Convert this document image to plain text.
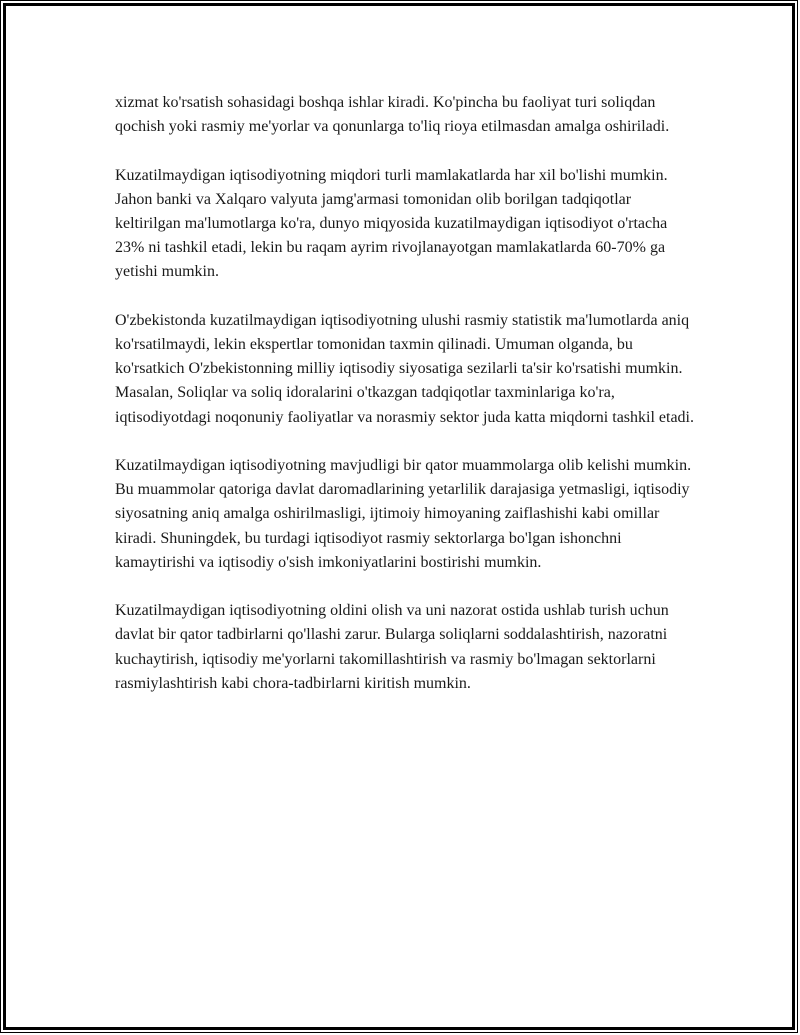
xizmat ko'rsatish sohasidagi boshqa ishlar kiradi. Ko'pincha bu faoliyat turi soliqdan qochish yoki rasmiy me'yorlar va qonunlarga to'liq rioya etilmasdan amalga oshiriladi.

Kuzatilmaydigan iqtisodiyotning miqdori turli mamlakatlarda har xil bo'lishi mumkin. Jahon banki va Xalqaro valyuta jamg'armasi tomonidan olib borilgan tadqiqotlar keltirilgan ma'lumotlarga ko'ra, dunyo miqyosida kuzatilmaydigan iqtisodiyot o'rtacha 23% ni tashkil etadi, lekin bu raqam ayrim rivojlanayotgan mamlakatlarda 60-70% ga yetishi mumkin.

O'zbekistonda kuzatilmaydigan iqtisodiyotning ulushi rasmiy statistik ma'lumotlarda aniq ko'rsatilmaydi, lekin ekspertlar tomonidan taxmin qilinadi. Umuman olganda, bu ko'rsatkich O'zbekistonning milliy iqtisodiy siyosatiga sezilarli ta'sir ko'rsatishi mumkin. Masalan, Soliqlar va soliq idoralarini o'tkazgan tadqiqotlar taxminlariga ko'ra, iqtisodiyotdagi noqonuniy faoliyatlar va norasmiy sektor juda katta miqdorni tashkil etadi.

Kuzatilmaydigan iqtisodiyotning mavjudligi bir qator muammolarga olib kelishi mumkin. Bu muammolar qatoriga davlat daromadlarining yetarlilik darajasiga yetmasligi, iqtisodiy siyosatning aniq amalga oshirilmasligi, ijtimoiy himoyaning zaiflashishi kabi omillar kiradi. Shuningdek, bu turdagi iqtisodiyot rasmiy sektorlarga bo'lgan ishonchni kamaytirishi va iqtisodiy o'sish imkoniyatlarini bostirishi mumkin.

Kuzatilmaydigan iqtisodiyotning oldini olish va uni nazorat ostida ushlab turish uchun davlat bir qator tadbirlarni qo'llashi zarur. Bularga soliqlarni soddalashtirish, nazoratni kuchaytirish, iqtisodiy me'yorlarni takomillashtirish va rasmiy bo'lmagan sektorlarni rasmiylashtirish kabi chora-tadbirlarni kiritish mumkin.
